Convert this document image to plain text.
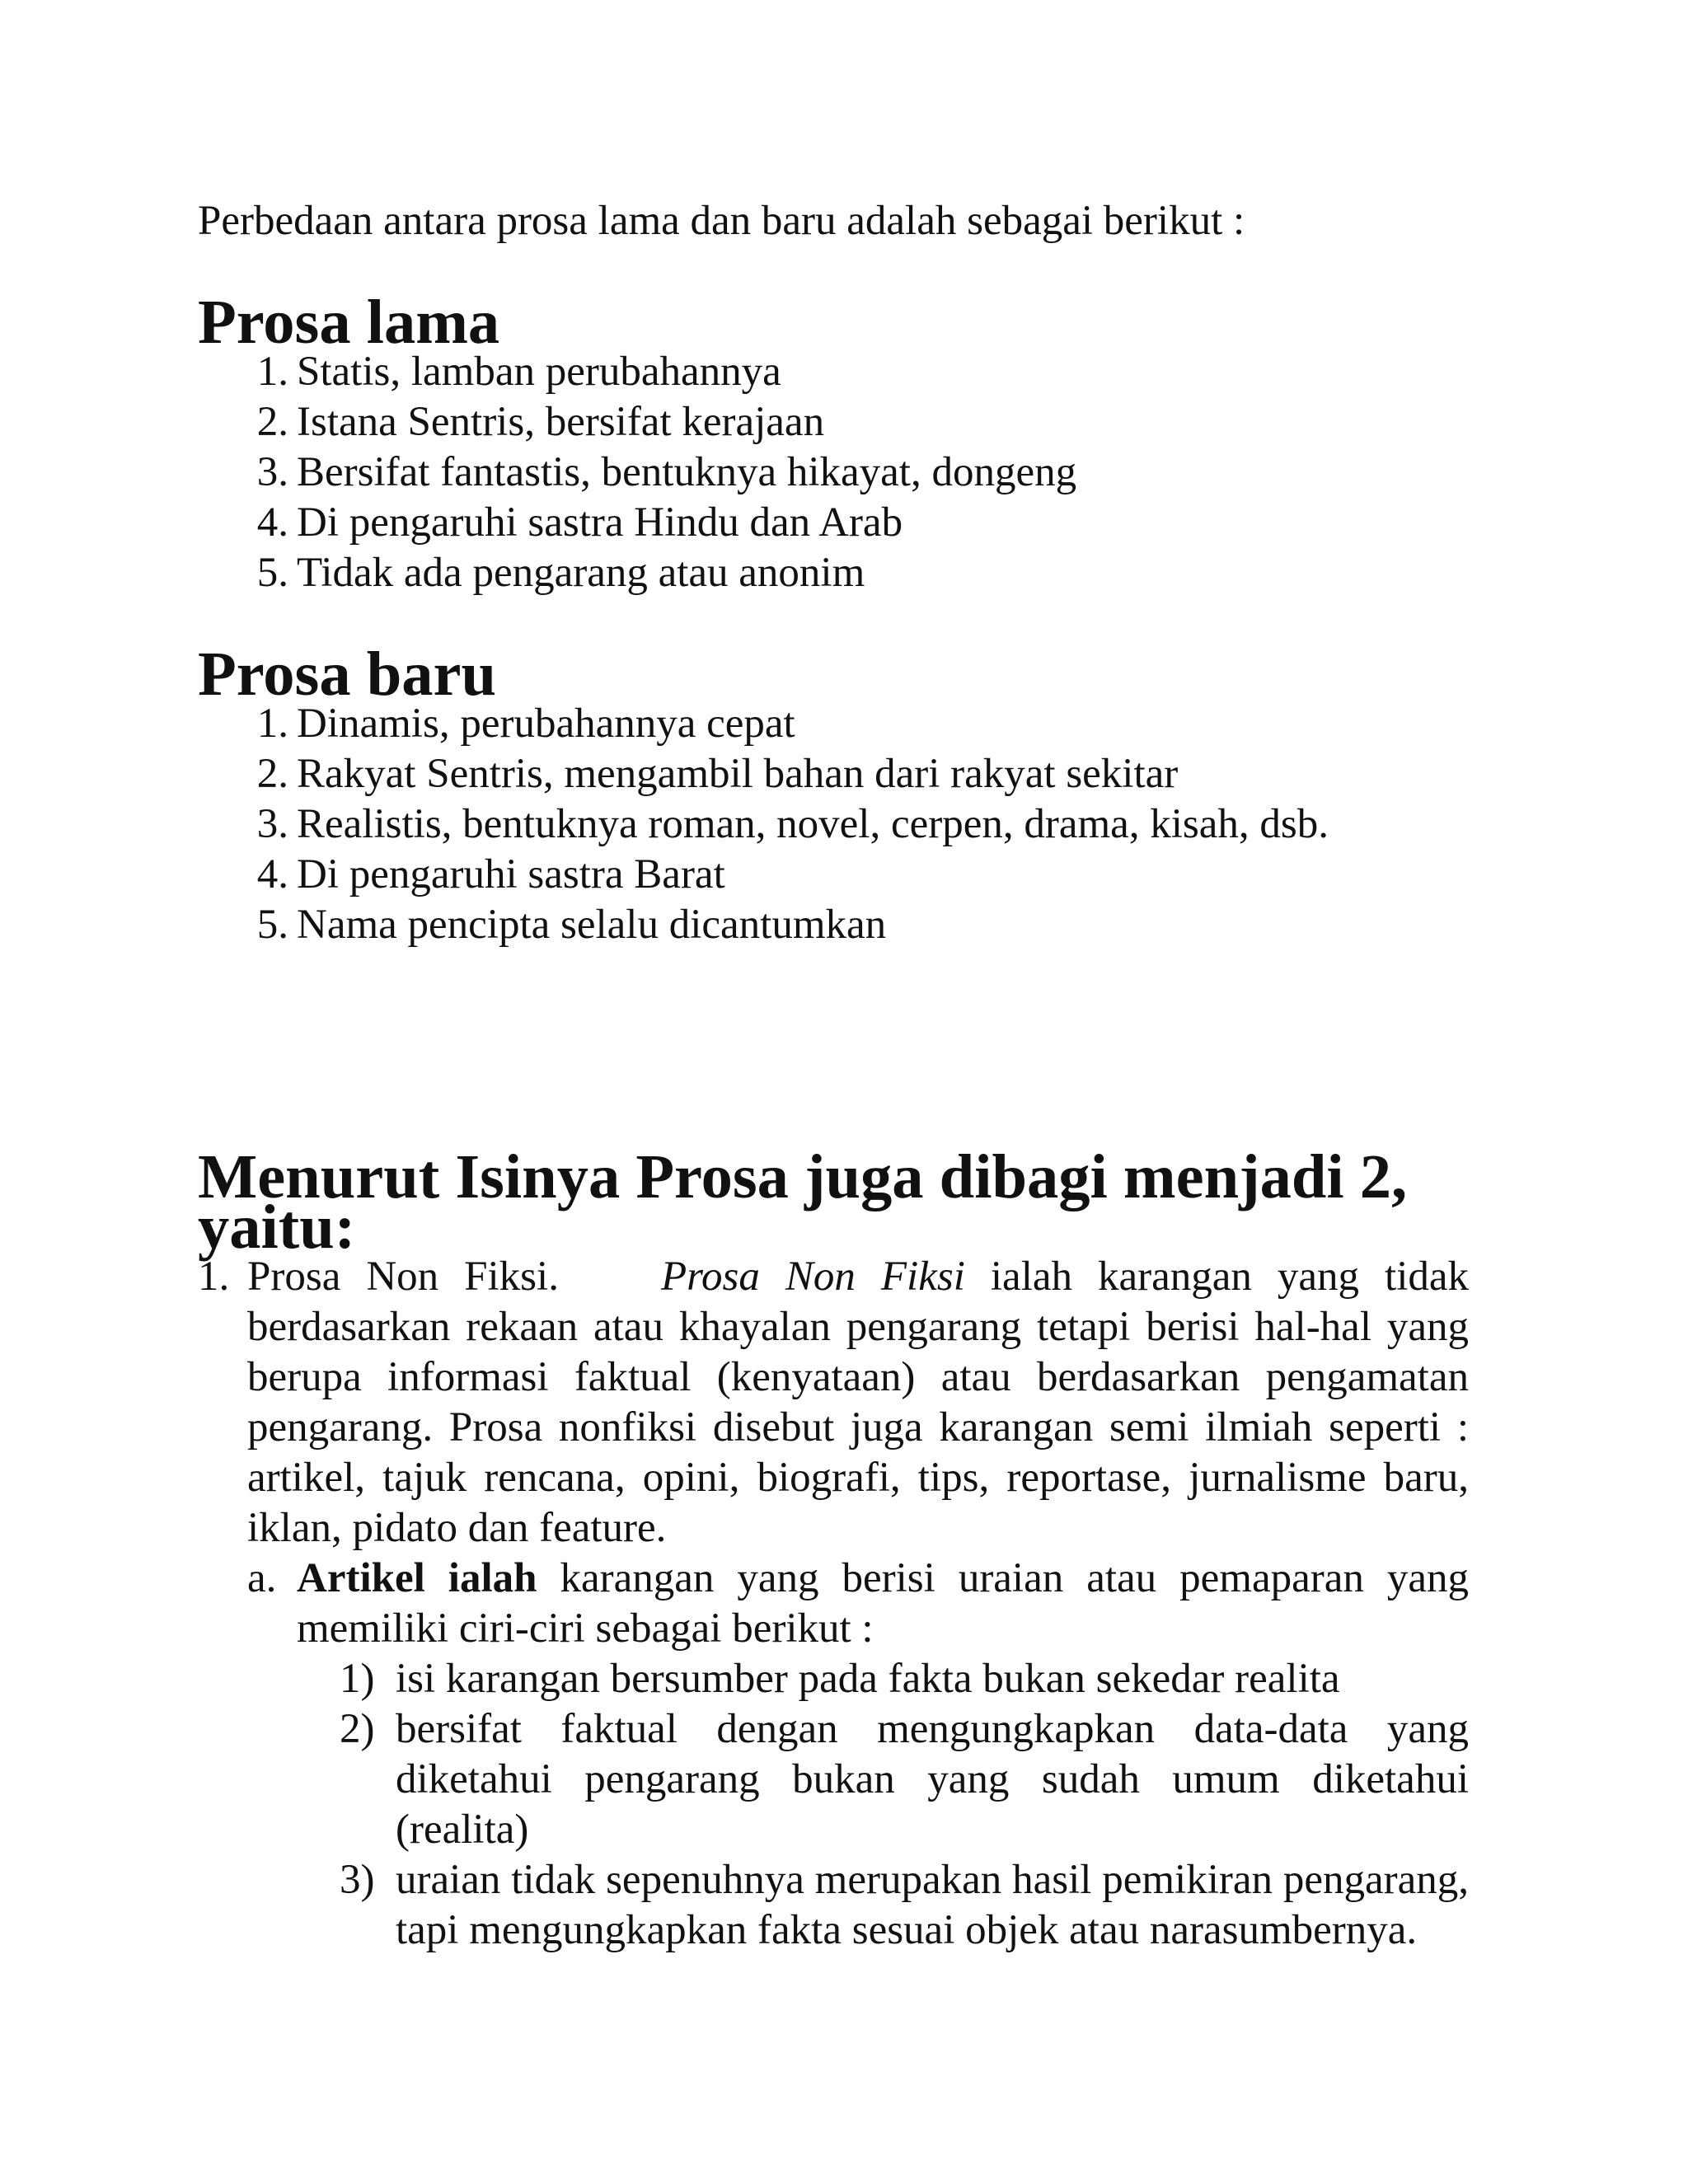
Perbedaan antara prosa lama dan baru adalah sebagai berikut :

Prosa lama
1. Statis, lamban perubahannya
2. Istana Sentris, bersifat kerajaan
3. Bersifat fantastis, bentuknya hikayat, dongeng
4. Di pengaruhi sastra Hindu dan Arab
5. Tidak ada pengarang atau anonim
Prosa baru
1. Dinamis, perubahannya cepat
2. Rakyat Sentris, mengambil bahan dari rakyat sekitar
3. Realistis, bentuknya roman, novel, cerpen, drama, kisah, dsb.
4. Di pengaruhi sastra Barat
5. Nama pencipta selalu dicantumkan
Menurut Isinya Prosa juga dibagi menjadi 2, yaitu:
1. Prosa Non Fiksi. Prosa Non Fiksi ialah karangan yang tidak berdasarkan rekaan atau khayalan pengarang tetapi berisi hal-hal yang berupa informasi faktual (kenyataan) atau berdasarkan pengamatan pengarang. Prosa nonfiksi disebut juga karangan semi ilmiah seperti : artikel, tajuk rencana, opini, biografi, tips, reportase, jurnalisme baru, iklan, pidato dan feature.
a. Artikel ialah karangan yang berisi uraian atau pemaparan yang memiliki ciri-ciri sebagai berikut :
1) isi karangan bersumber pada fakta bukan sekedar realita
2) bersifat faktual dengan mengungkapkan data-data yang diketahui pengarang bukan yang sudah umum diketahui (realita)
3) uraian tidak sepenuhnya merupakan hasil pemikiran pengarang, tapi mengungkapkan fakta sesuai objek atau narasumbernya.
